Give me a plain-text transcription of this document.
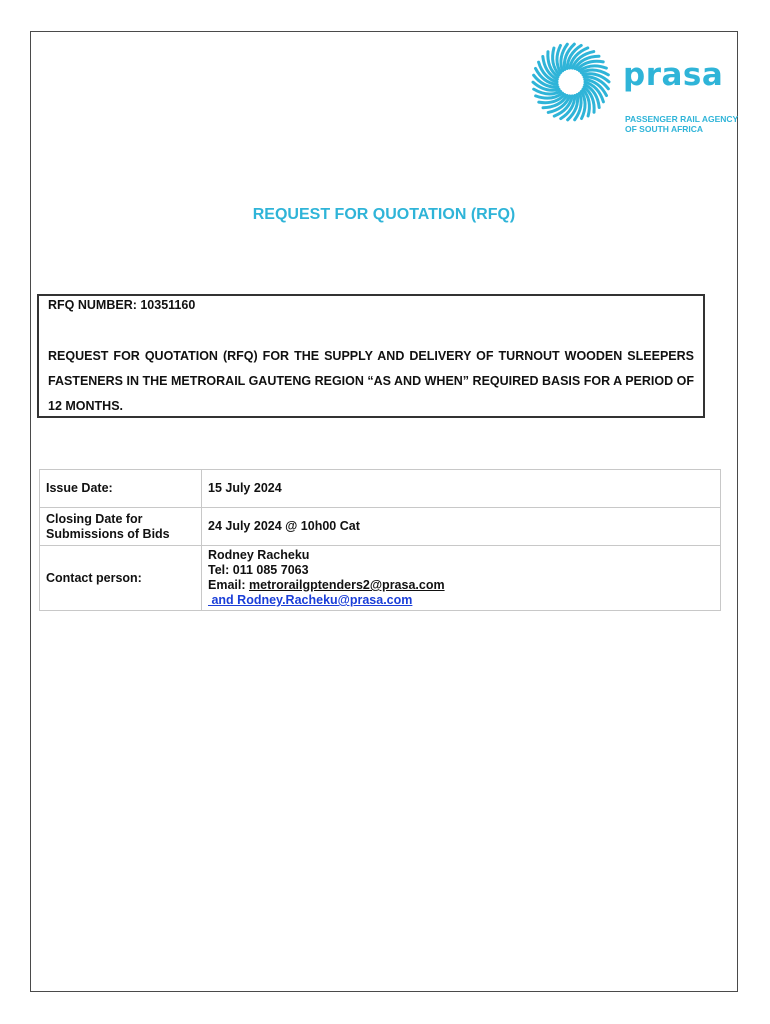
prasa
PASSENGER RAIL AGENCY
OF SOUTH AFRICA
REQUEST FOR QUOTATION (RFQ)
RFQ NUMBER: 10351160
REQUEST FOR QUOTATION (RFQ) FOR THE SUPPLY AND DELIVERY OF TURNOUT WOODEN SLEEPERS FASTENERS IN THE METRORAIL GAUTENG REGION “AS AND WHEN” REQUIRED BASIS FOR A PERIOD OF 12 MONTHS.
Issue Date:	15 July 2024

Closing Date for
Submissions of Bids	24 July 2024 @ 10h00 Cat
Contact person:	Rodney Racheku
Tel: 011 085 7063
Email: metrorailgptenders2@prasa.com
and Rodney.Racheku@prasa.com
